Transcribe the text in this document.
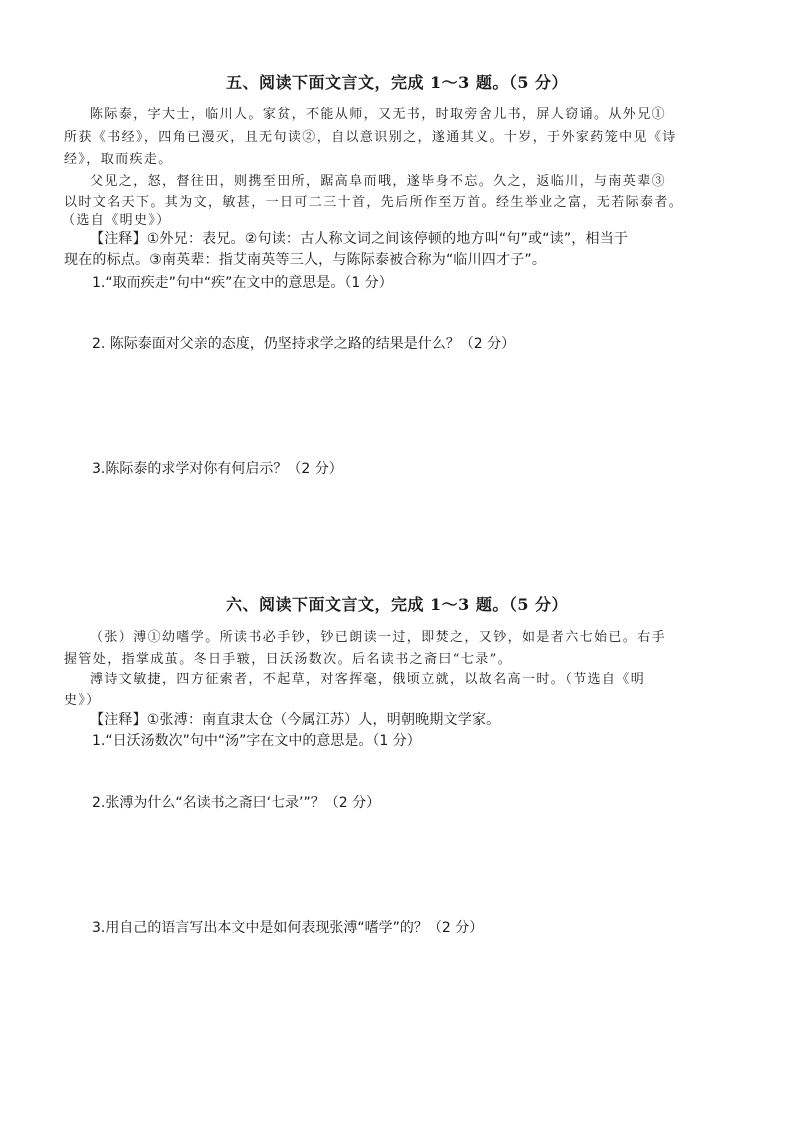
五、阅读下面文言文，完成 1～3 题。（5 分）
陈际泰，字大士，临川人。家贫，不能从师，又无书，时取旁舍儿书，屏人窃诵。从外兄①
所获《书经》，四角已漫灭，且无句读②，自以意识别之，遂通其义。十岁，于外家药笼中见《诗
经》，取而疾走。
父见之，怒，督往田，则携至田所，踞高阜而哦，遂毕身不忘。久之，返临川，与南英辈③
以时文名天下。其为文，敏甚，一日可二三十首，先后所作至万首。经生举业之富，无若际泰者。
（选自《明史》）
【注释】①外兄：表兄。②句读：古人称文词之间该停顿的地方叫“句”或“读”，相当于
现在的标点。③南英辈：指艾南英等三人，与陈际泰被合称为“临川四才子”。
1.“取而疾走”句中“疾”在文中的意思是。（1 分）
2. 陈际泰面对父亲的态度，仍坚持求学之路的结果是什么？（2 分）
3.陈际泰的求学对你有何启示？（2 分）
六、阅读下面文言文，完成 1～3 题。（5 分）
（张）溥①幼嗜学。所读书必手钞，钞已朗读一过，即焚之，又钞，如是者六七始已。右手
握管处，指掌成茧。冬日手皲，日沃汤数次。后名读书之斋曰“七录”。
溥诗文敏捷，四方征索者，不起草，对客挥毫，俄顷立就，以故名高一时。（节选自《明
史》）
【注释】①张溥：南直隶太仓（今属江苏）人，明朝晚期文学家。
1.“日沃汤数次”句中“汤”字在文中的意思是。（1 分）
2.张溥为什么“名读书之斋曰‘七录’”？（2 分）
3.用自己的语言写出本文中是如何表现张溥“嗜学”的？（2 分）
